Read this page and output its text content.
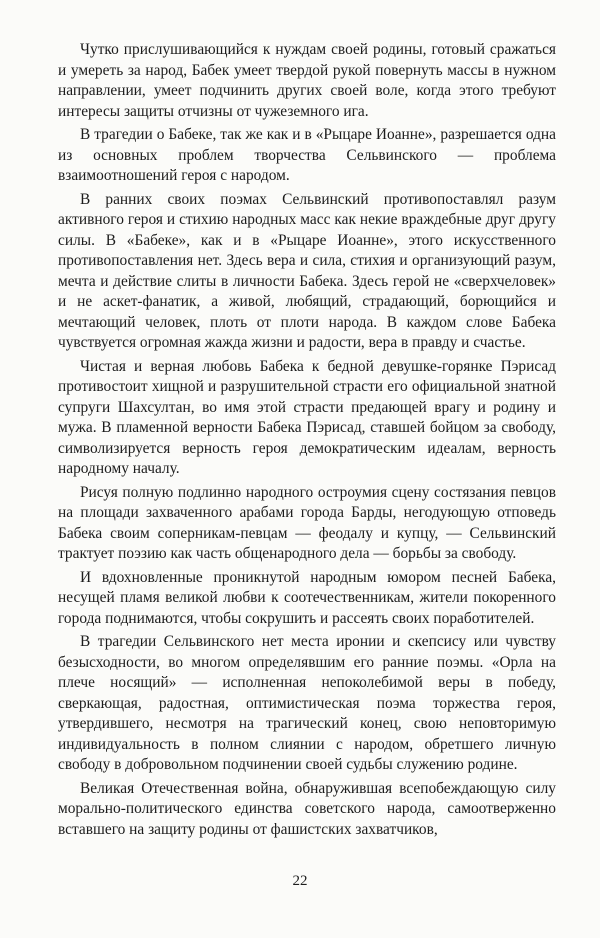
Чутко прислушивающийся к нуждам своей родины, готовый сражаться и умереть за народ, Бабек умеет твердой рукой повернуть массы в нужном направлении, умеет подчинить других своей воле, когда этого требуют интересы защиты отчизны от чужеземного ига.

В трагедии о Бабеке, так же как и в «Рыцаре Иоанне», разрешается одна из основных проблем творчества Сельвинского — проблема взаимоотношений героя с народом.

В ранних своих поэмах Сельвинский противопоставлял разум активного героя и стихию народных масс как некие враждебные друг другу силы. В «Бабеке», как и в «Рыцаре Иоанне», этого искусственного противопоставления нет. Здесь вера и сила, стихия и организующий разум, мечта и действие слиты в личности Бабека. Здесь герой не «сверхчеловек» и не аскет-фанатик, а живой, любящий, страдающий, борющийся и мечтающий человек, плоть от плоти народа. В каждом слове Бабека чувствуется огромная жажда жизни и радости, вера в правду и счастье.

Чистая и верная любовь Бабека к бедной девушке-горянке Пэрисад противостоит хищной и разрушительной страсти его официальной знатной супруги Шахсултан, во имя этой страсти предающей врагу и родину и мужа. В пламенной верности Бабека Пэрисад, ставшей бойцом за свободу, символизируется верность героя демократическим идеалам, верность народному началу.

Рисуя полную подлинно народного остроумия сцену состязания певцов на площади захваченного арабами города Барды, негодующую отповедь Бабека своим соперникам-певцам — феодалу и купцу, — Сельвинский трактует поэзию как часть общенародного дела — борьбы за свободу.

И вдохновленные проникнутой народным юмором песней Бабека, несущей пламя великой любви к соотечественникам, жители покоренного города поднимаются, чтобы сокрушить и рассеять своих поработителей.

В трагедии Сельвинского нет места иронии и скепсису или чувству безысходности, во многом определявшим его ранние поэмы. «Орла на плече носящий» — исполненная непоколебимой веры в победу, сверкающая, радостная, оптимистическая поэма торжества героя, утвердившего, несмотря на трагический конец, свою неповторимую индивидуальность в полном слиянии с народом, обретшего личную свободу в добровольном подчинении своей судьбы служению родине.

Великая Отечественная война, обнаружившая всепобеждающую силу морально-политического единства советского народа, самоотверженно вставшего на защиту родины от фашистских захватчиков,

22
